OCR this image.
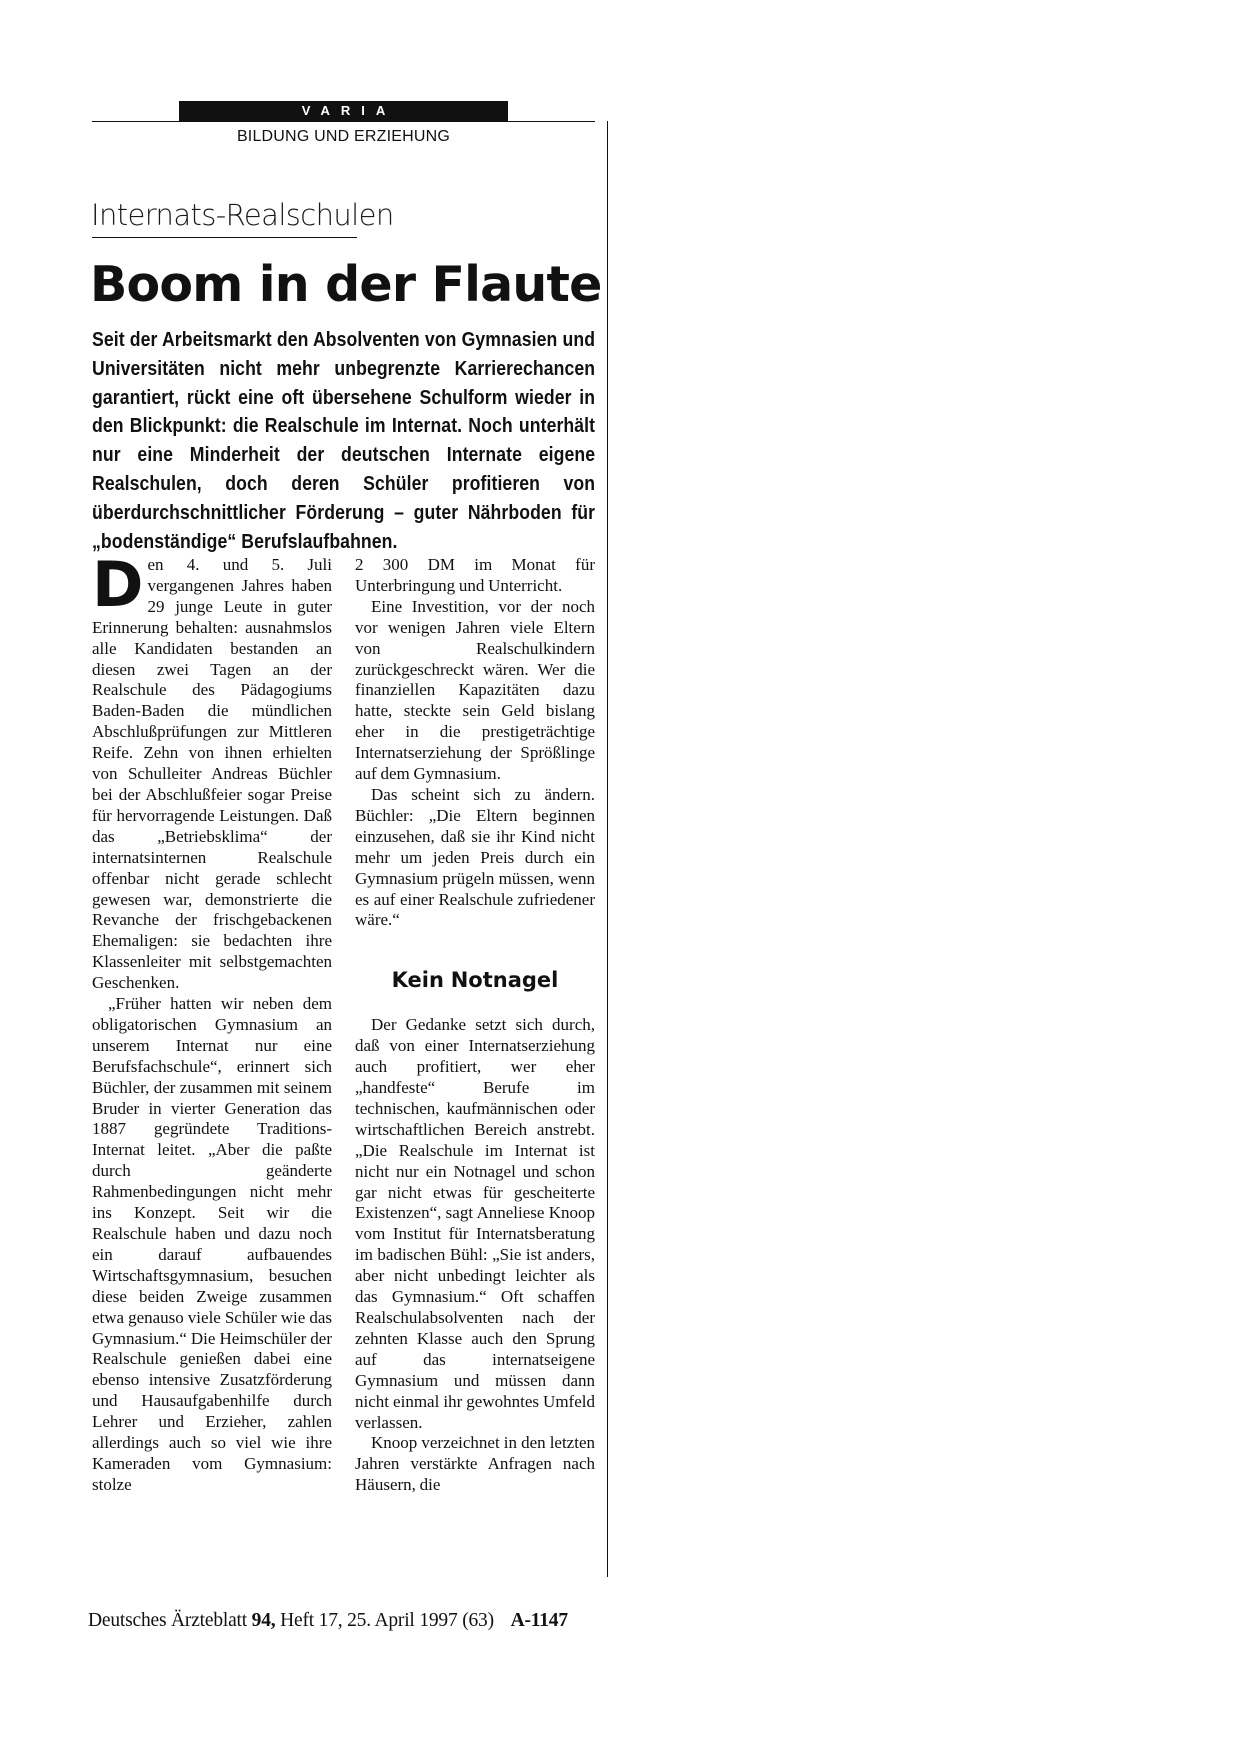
VARIA
BILDUNG UND ERZIEHUNG
Internats-Realschulen
Boom in der Flaute
Seit der Arbeitsmarkt den Absolventen von Gymnasien und Universitäten nicht mehr unbegrenzte Karrierechancen garantiert, rückt eine oft übersehene Schulform wieder in den Blickpunkt: die Realschule im Internat. Noch unterhält nur eine Minderheit der deutschen Internate eigene Realschulen, doch deren Schüler profitieren von überdurchschnittlicher Förderung – guter Nährboden für „bodenständige“ Berufslaufbahnen.

Den 4. und 5. Juli vergangenen Jahres haben 29 junge Leute in guter Erinnerung behalten: ausnahmslos alle Kandidaten bestanden an diesen zwei Tagen an der Realschule des Pädagogiums Baden-Baden die mündlichen Abschlußprüfungen zur Mittleren Reife. Zehn von ihnen erhielten von Schulleiter Andreas Büchler bei der Abschlußfeier sogar Preise für hervorragende Leistungen. Daß das „Betriebsklima“ der internatsinternen Realschule offenbar nicht gerade schlecht gewesen war, demonstrierte die Revanche der frischgebackenen Ehemaligen: sie bedachten ihre Klassenleiter mit selbstgemachten Geschenken.

„Früher hatten wir neben dem obligatorischen Gymnasium an unserem Internat nur eine Berufsfachschule“, erinnert sich Büchler, der zusammen mit seinem Bruder in vierter Generation das 1887 gegründete Traditions-Internat leitet. „Aber die paßte durch geänderte Rahmenbedingungen nicht mehr ins Konzept. Seit wir die Realschule haben und dazu noch ein darauf aufbauendes Wirtschaftsgymnasium, besuchen diese beiden Zweige zusammen etwa genauso viele Schüler wie das Gymnasium.“ Die Heimschüler der Realschule genießen dabei eine ebenso intensive Zusatzförderung und Hausaufgabenhilfe durch Lehrer und Erzieher, zahlen allerdings auch so viel wie ihre Kameraden vom Gymnasium: stolze

2 300 DM im Monat für Unterbringung und Unterricht.

Eine Investition, vor der noch vor wenigen Jahren viele Eltern von Realschulkindern zurückgeschreckt wären. Wer die finanziellen Kapazitäten dazu hatte, steckte sein Geld bislang eher in die prestigeträchtige Internatserziehung der Sprößlinge auf dem Gymnasium.

Das scheint sich zu ändern. Büchler: „Die Eltern beginnen einzusehen, daß sie ihr Kind nicht mehr um jeden Preis durch ein Gymnasium prügeln müssen, wenn es auf einer Realschule zufriedener wäre.“

Kein Notnagel

Der Gedanke setzt sich durch, daß von einer Internatserziehung auch profitiert, wer eher „handfeste“ Berufe im technischen, kaufmännischen oder wirtschaftlichen Bereich anstrebt. „Die Realschule im Internat ist nicht nur ein Notnagel und schon gar nicht etwas für gescheiterte Existenzen“, sagt Anneliese Knoop vom Institut für Internatsberatung im badischen Bühl: „Sie ist anders, aber nicht unbedingt leichter als das Gymnasium.“ Oft schaffen Realschulabsolventen nach der zehnten Klasse auch den Sprung auf das internatseigene Gymnasium und müssen dann nicht einmal ihr gewohntes Umfeld verlassen.

Knoop verzeichnet in den letzten Jahren verstärkte Anfragen nach Häusern, die

Deutsches Ärzteblatt 94, Heft 17, 25. April 1997 (63) A-1147
